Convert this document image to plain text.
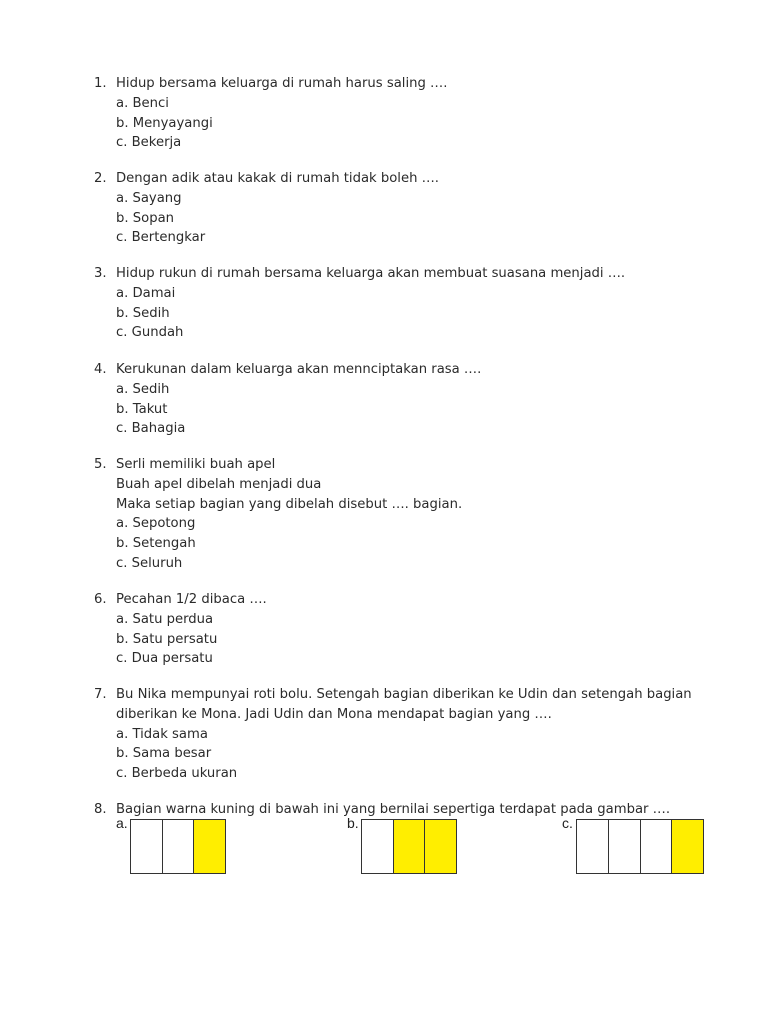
1. Hidup bersama keluarga di rumah harus saling ….
a. Benci
b. Menyayangi
c. Bekerja
2. Dengan adik atau kakak di rumah tidak boleh ….
a. Sayang
b. Sopan
c. Bertengkar
3. Hidup rukun di rumah bersama keluarga akan membuat suasana menjadi ….
a. Damai
b. Sedih
c. Gundah
4. Kerukunan dalam keluarga akan mennciptakan rasa ….
a. Sedih
b. Takut
c. Bahagia
5. Serli memiliki buah apel
Buah apel dibelah menjadi dua
Maka setiap bagian yang dibelah disebut …. bagian.
a. Sepotong
b. Setengah
c. Seluruh
6. Pecahan 1/2 dibaca ….
a. Satu perdua
b. Satu persatu
c. Dua persatu
7. Bu Nika mempunyai roti bolu. Setengah bagian diberikan ke Udin dan setengah bagian
diberikan ke Mona. Jadi Udin dan Mona mendapat bagian yang ….
a. Tidak sama
b. Sama besar
c. Berbeda ukuran
8. Bagian warna kuning di bawah ini yang bernilai sepertiga terdapat pada gambar ….
a.	b.	c.
